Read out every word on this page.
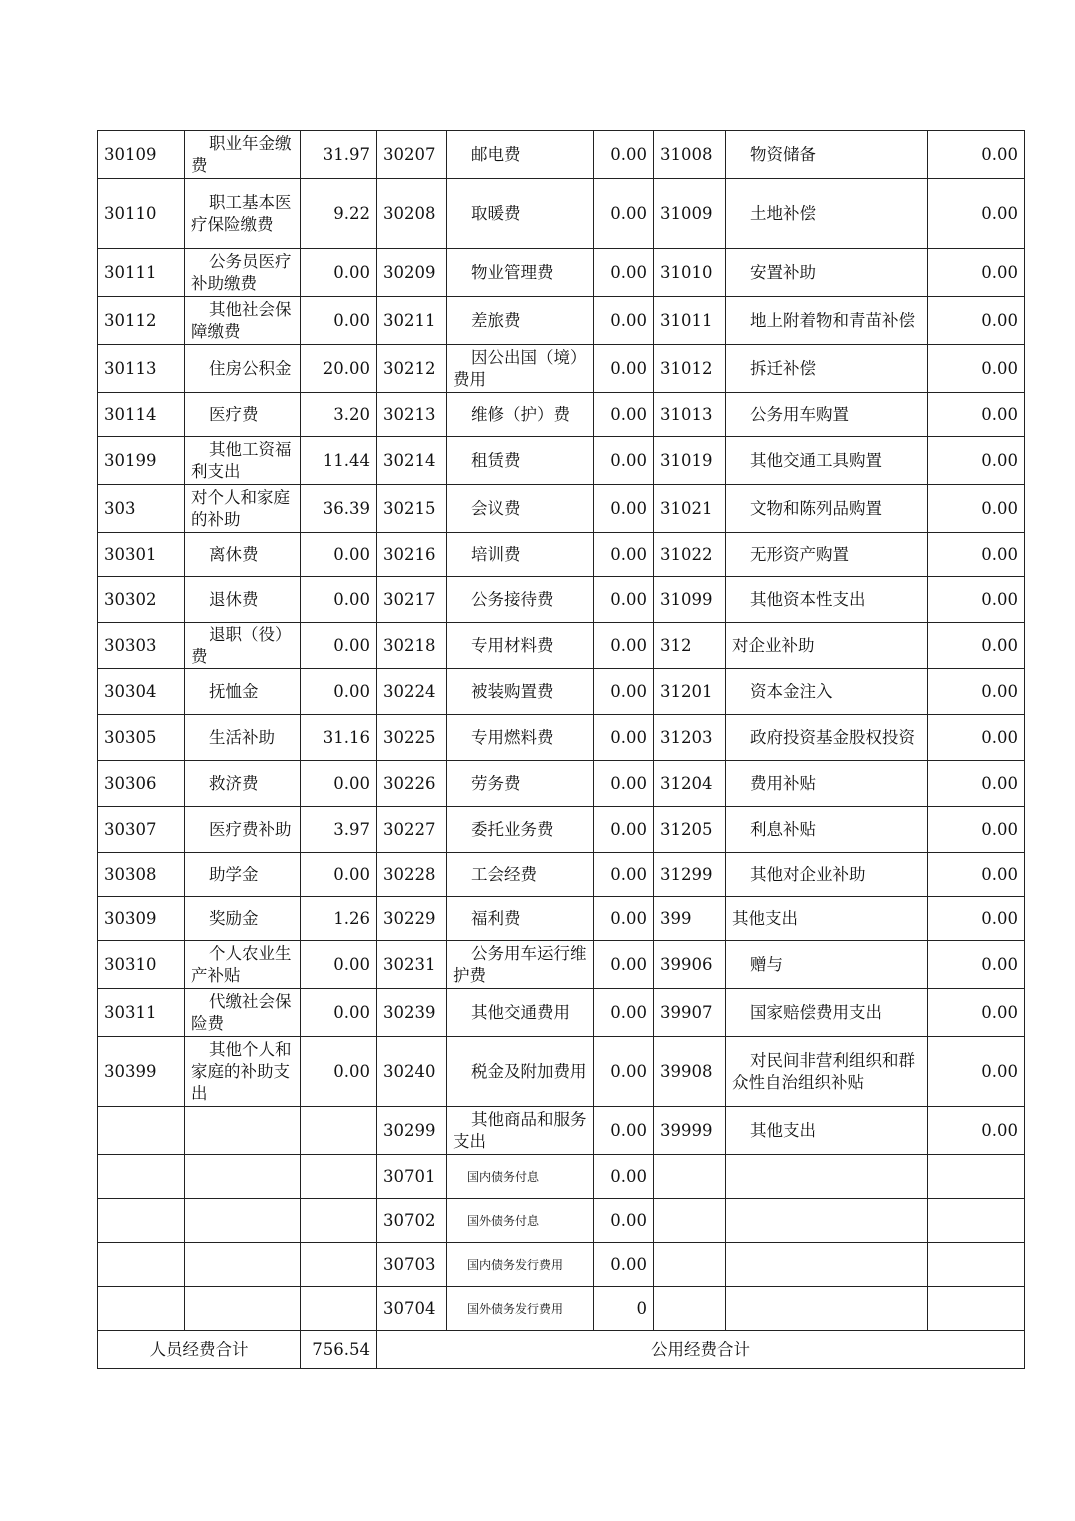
30109	职业年金缴费	31.97	30207	邮电费	0.00	31008	物资储备	0.00
30110	职工基本医疗保险缴费	9.22	30208	取暖费	0.00	31009	土地补偿	0.00
30111	公务员医疗补助缴费	0.00	30209	物业管理费	0.00	31010	安置补助	0.00
30112	其他社会保障缴费	0.00	30211	差旅费	0.00	31011	地上附着物和青苗补偿	0.00
30113	住房公积金	20.00	30212	因公出国（境）费用	0.00	31012	拆迁补偿	0.00
30114	医疗费	3.20	30213	维修（护）费	0.00	31013	公务用车购置	0.00
30199	其他工资福利支出	11.44	30214	租赁费	0.00	31019	其他交通工具购置	0.00
303	对个人和家庭的补助	36.39	30215	会议费	0.00	31021	文物和陈列品购置	0.00
30301	离休费	0.00	30216	培训费	0.00	31022	无形资产购置	0.00
30302	退休费	0.00	30217	公务接待费	0.00	31099	其他资本性支出	0.00
30303	退职（役）费	0.00	30218	专用材料费	0.00	312	对企业补助	0.00
30304	抚恤金	0.00	30224	被装购置费	0.00	31201	资本金注入	0.00
30305	生活补助	31.16	30225	专用燃料费	0.00	31203	政府投资基金股权投资	0.00
30306	救济费	0.00	30226	劳务费	0.00	31204	费用补贴	0.00
30307	医疗费补助	3.97	30227	委托业务费	0.00	31205	利息补贴	0.00
30308	助学金	0.00	30228	工会经费	0.00	31299	其他对企业补助	0.00
30309	奖励金	1.26	30229	福利费	0.00	399	其他支出	0.00
30310	个人农业生产补贴	0.00	30231	公务用车运行维护费	0.00	39906	赠与	0.00
30311	代缴社会保险费	0.00	30239	其他交通费用	0.00	39907	国家赔偿费用支出	0.00
30399	其他个人和家庭的补助支出	0.00	30240	税金及附加费用	0.00	39908	对民间非营利组织和群众性自治组织补贴	0.00
			30299	其他商品和服务支出	0.00	39999	其他支出	0.00
			30701	国内债务付息	0.00			
			30702	国外债务付息	0.00			
			30703	国内债务发行费用	0.00			
			30704	国外债务发行费用	0			
人员经费合计		756.54	公用经费合计					
